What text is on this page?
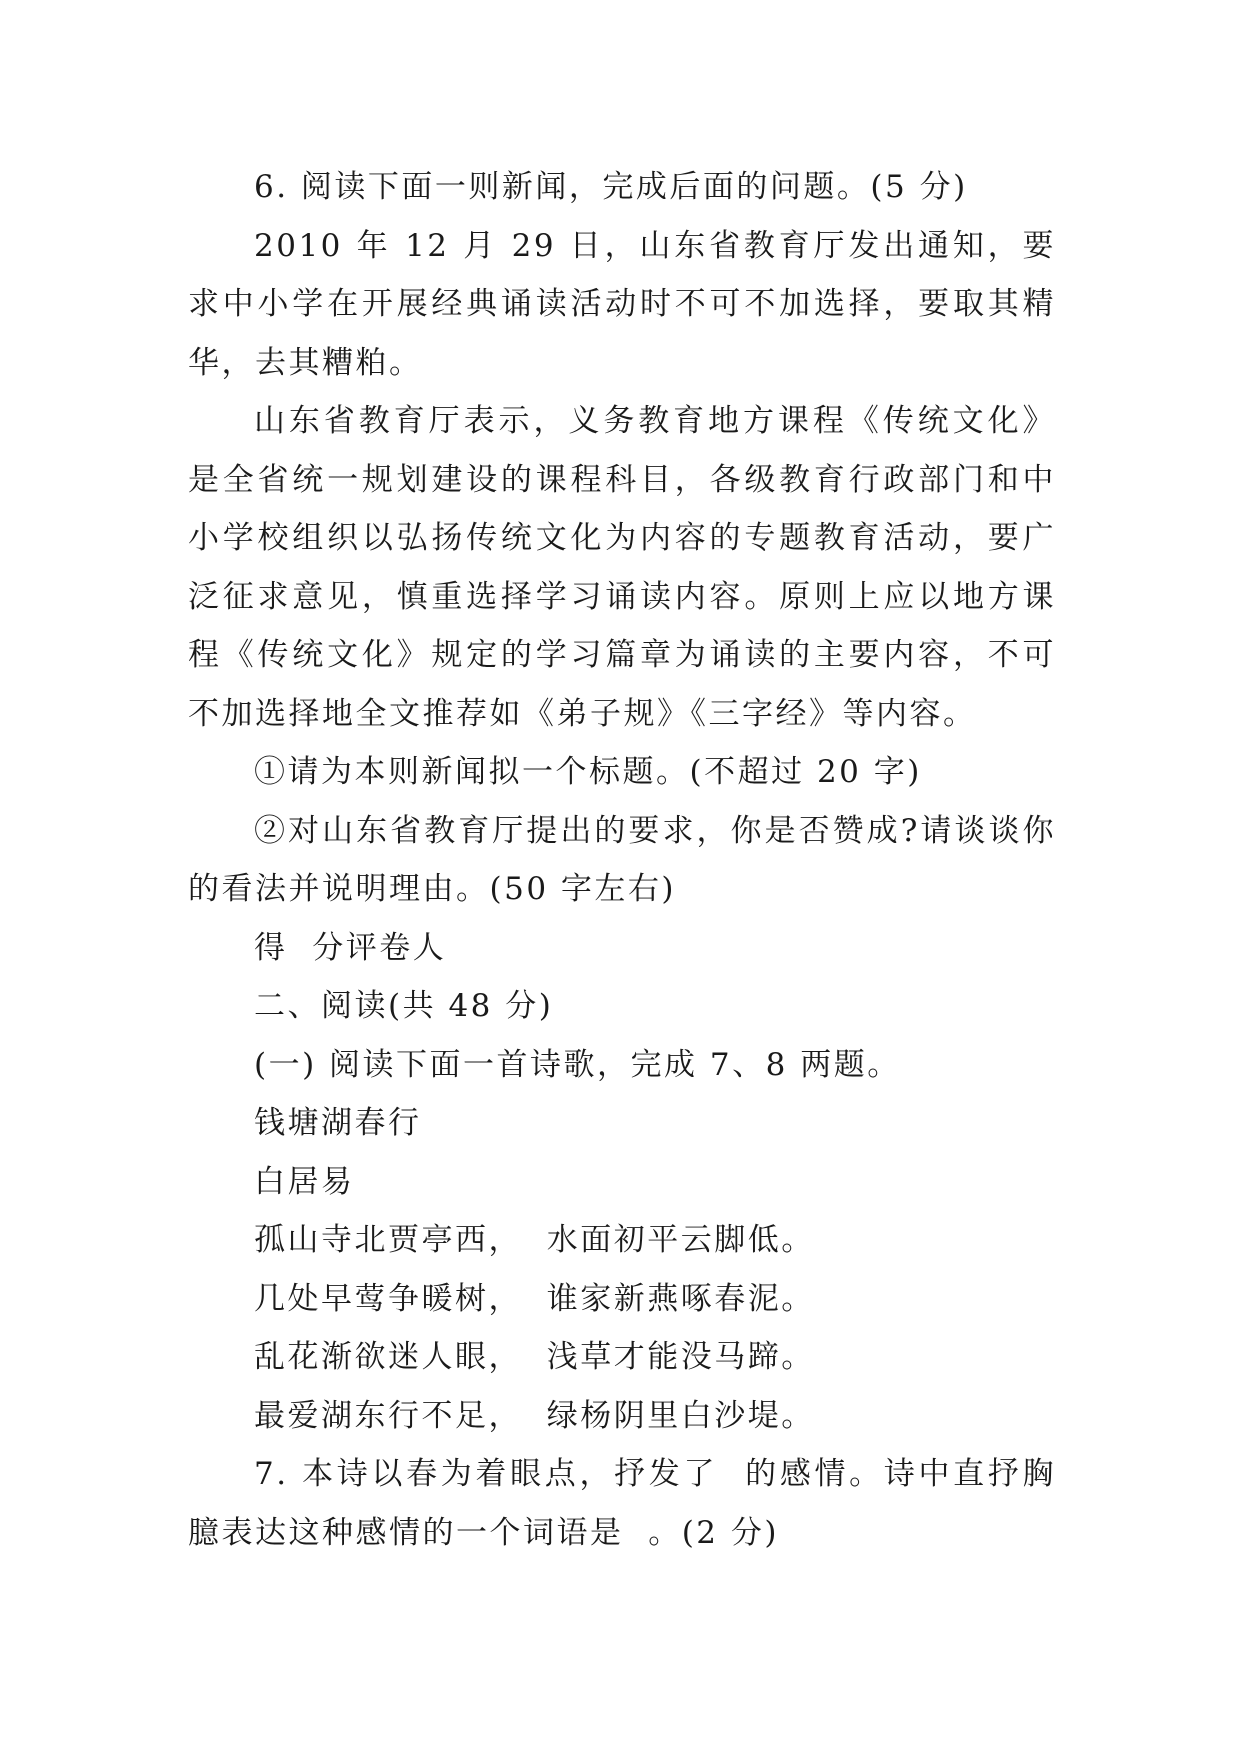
6. 阅读下面一则新闻，完成后面的问题。(5 分)

2010 年 12 月 29 日，山东省教育厅发出通知，要求中小学在开展经典诵读活动时不可不加选择，要取其精华，去其糟粕。

山东省教育厅表示，义务教育地方课程《传统文化》是全省统一规划建设的课程科目，各级教育行政部门和中小学校组织以弘扬传统文化为内容的专题教育活动，要广泛征求意见，慎重选择学习诵读内容。原则上应以地方课程《传统文化》规定的学习篇章为诵读的主要内容，不可不加选择地全文推荐如《弟子规》《三字经》等内容。

①请为本则新闻拟一个标题。(不超过 20 字)

②对山东省教育厅提出的要求，你是否赞成?请谈谈你的看法并说明理由。(50 字左右)

得  分评卷人

二、阅读(共 48 分)

(一) 阅读下面一首诗歌，完成 7、8 两题。

钱塘湖春行

白居易

孤山寺北贾亭西，  水面初平云脚低。

几处早莺争暖树，  谁家新燕啄春泥。

乱花渐欲迷人眼，  浅草才能没马蹄。

最爱湖东行不足，  绿杨阴里白沙堤。

7. 本诗以春为着眼点，抒发了  的感情。诗中直抒胸臆表达这种感情的一个词语是  。(2 分)
